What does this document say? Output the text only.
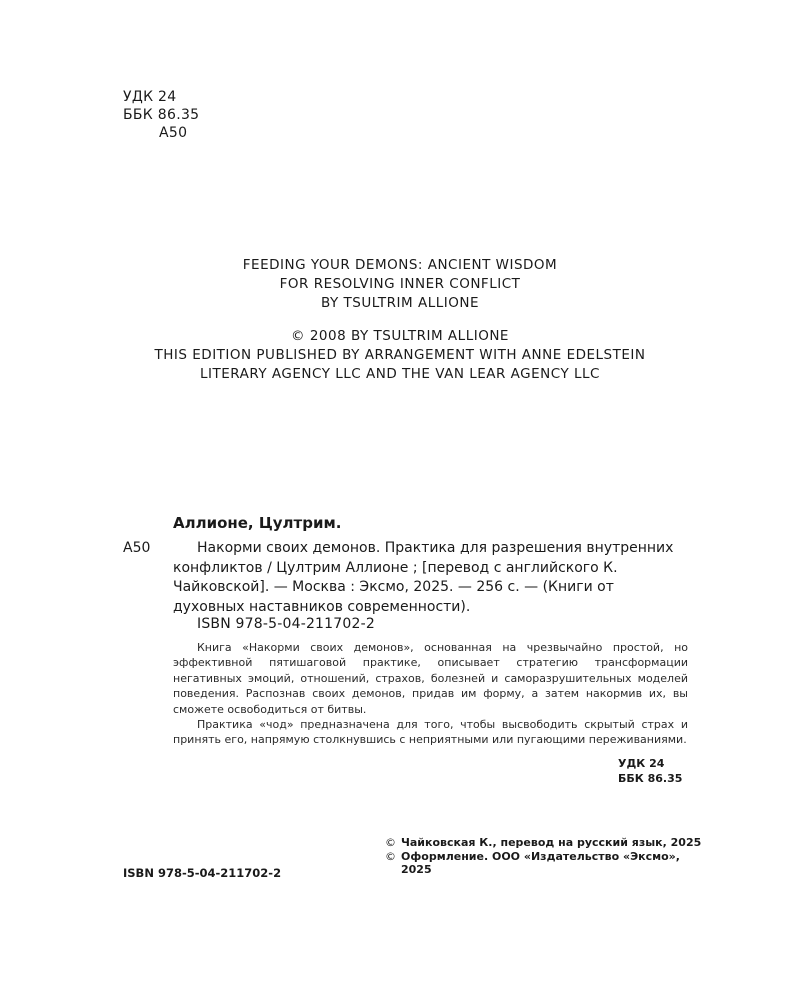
УДК 24
ББК 86.35
А50

FEEDING YOUR DEMONS: ANCIENT WISDOM

FOR RESOLVING INNER CONFLICT

BY TSULTRIM ALLIONE

© 2008 BY TSULTRIM ALLIONE

THIS EDITION PUBLISHED BY ARRANGEMENT WITH ANNE EDELSTEIN

LITERARY AGENCY LLC AND THE VAN LEAR AGENCY LLC

Аллионе, Цултрим.
А50	Накорми своих демонов. Практика для разрешения внутренних конфликтов / Цултрим Аллионе ; [перевод с английского К. Чайковской]. — Москва : Эксмо, 2025. — 256 с. — (Книги от духовных наставников современности).
ISBN 978-5-04-211702-2

Книга «Накорми своих демонов», основанная на чрезвычайно простой, но эффективной пятишаговой практике, описывает стратегию трансформации негативных эмоций, отношений, страхов, болезней и саморазрушительных моделей поведения. Распознав своих демонов, придав им форму, а затем накормив их, вы сможете освободиться от битвы.

Практика «чод» предназначена для того, чтобы высвободить скрытый страх и принять его, напрямую столкнувшись с неприятными или пугающими переживаниями.

УДК 24
ББК 86.35
ISBN 978-5-04-211702-2
© Чайковская К., перевод на русский язык, 2025
© Оформление. ООО «Издательство «Эксмо», 2025
